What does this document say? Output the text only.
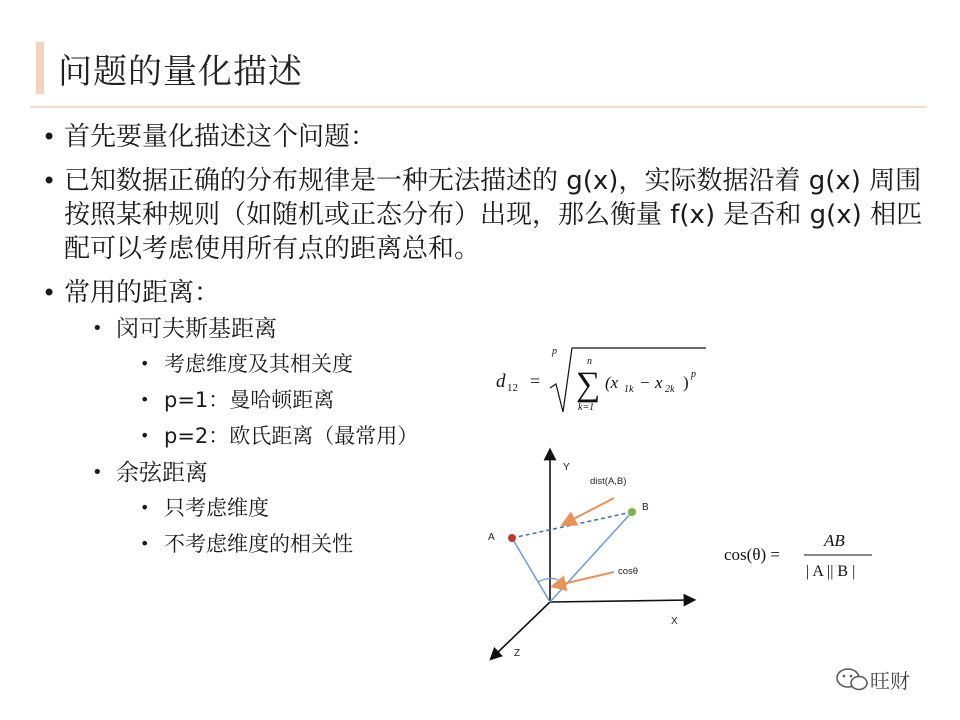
问题的量化描述
• 首先要量化描述这个问题：
• 已知数据正确的分布规律是一种无法描述的 g(x)，实际数据沿着 g(x) 周围按照某种规则（如随机或正态分布）出现，那么衡量 f(x) 是否和 g(x) 相匹配可以考虑使用所有点的距离总和。
• 常用的距离：
• 闵可夫斯基距离
• 考虑维度及其相关度
• p=1：曼哈顿距离
• p=2：欧氏距离（最常用）
• 余弦距离
• 只考虑维度
• 不考虑维度的相关性
d 12 =
p
n
∑
k=1
(x 1k − x 2k ) p
Y
X
Z
A
B
dist(A,B)
cosθ
cos(θ) =
AB
| A || B |
旺财
